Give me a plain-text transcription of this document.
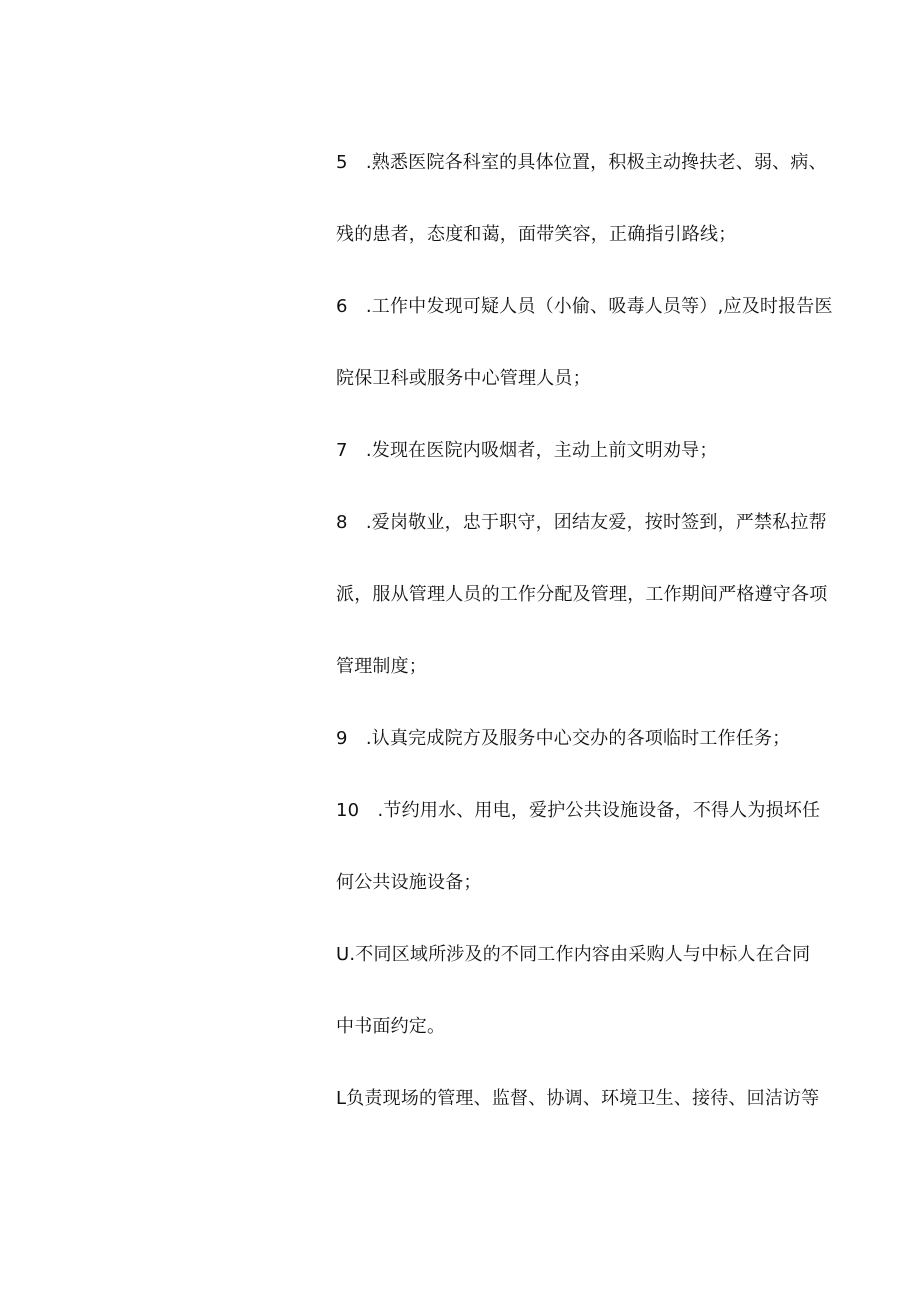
5　.熟悉医院各科室的具体位置，积极主动搀扶老、弱、病、
残的患者，态度和蔼，面带笑容，正确指引路线；
6　.工作中发现可疑人员（小偷、吸毒人员等）,应及时报告医
院保卫科或服务中心管理人员；
7　.发现在医院内吸烟者，主动上前文明劝导；
8　.爱岗敬业，忠于职守，团结友爱，按时签到，严禁私拉帮
派，服从管理人员的工作分配及管理，工作期间严格遵守各项
管理制度；
9　.认真完成院方及服务中心交办的各项临时工作任务；
10　.节约用水、用电，爱护公共设施设备，不得人为损坏任
何公共设施设备；
U.不同区域所涉及的不同工作内容由采购人与中标人在合同
中书面约定。
L负责现场的管理、监督、协调、环境卫生、接待、回洁访等
